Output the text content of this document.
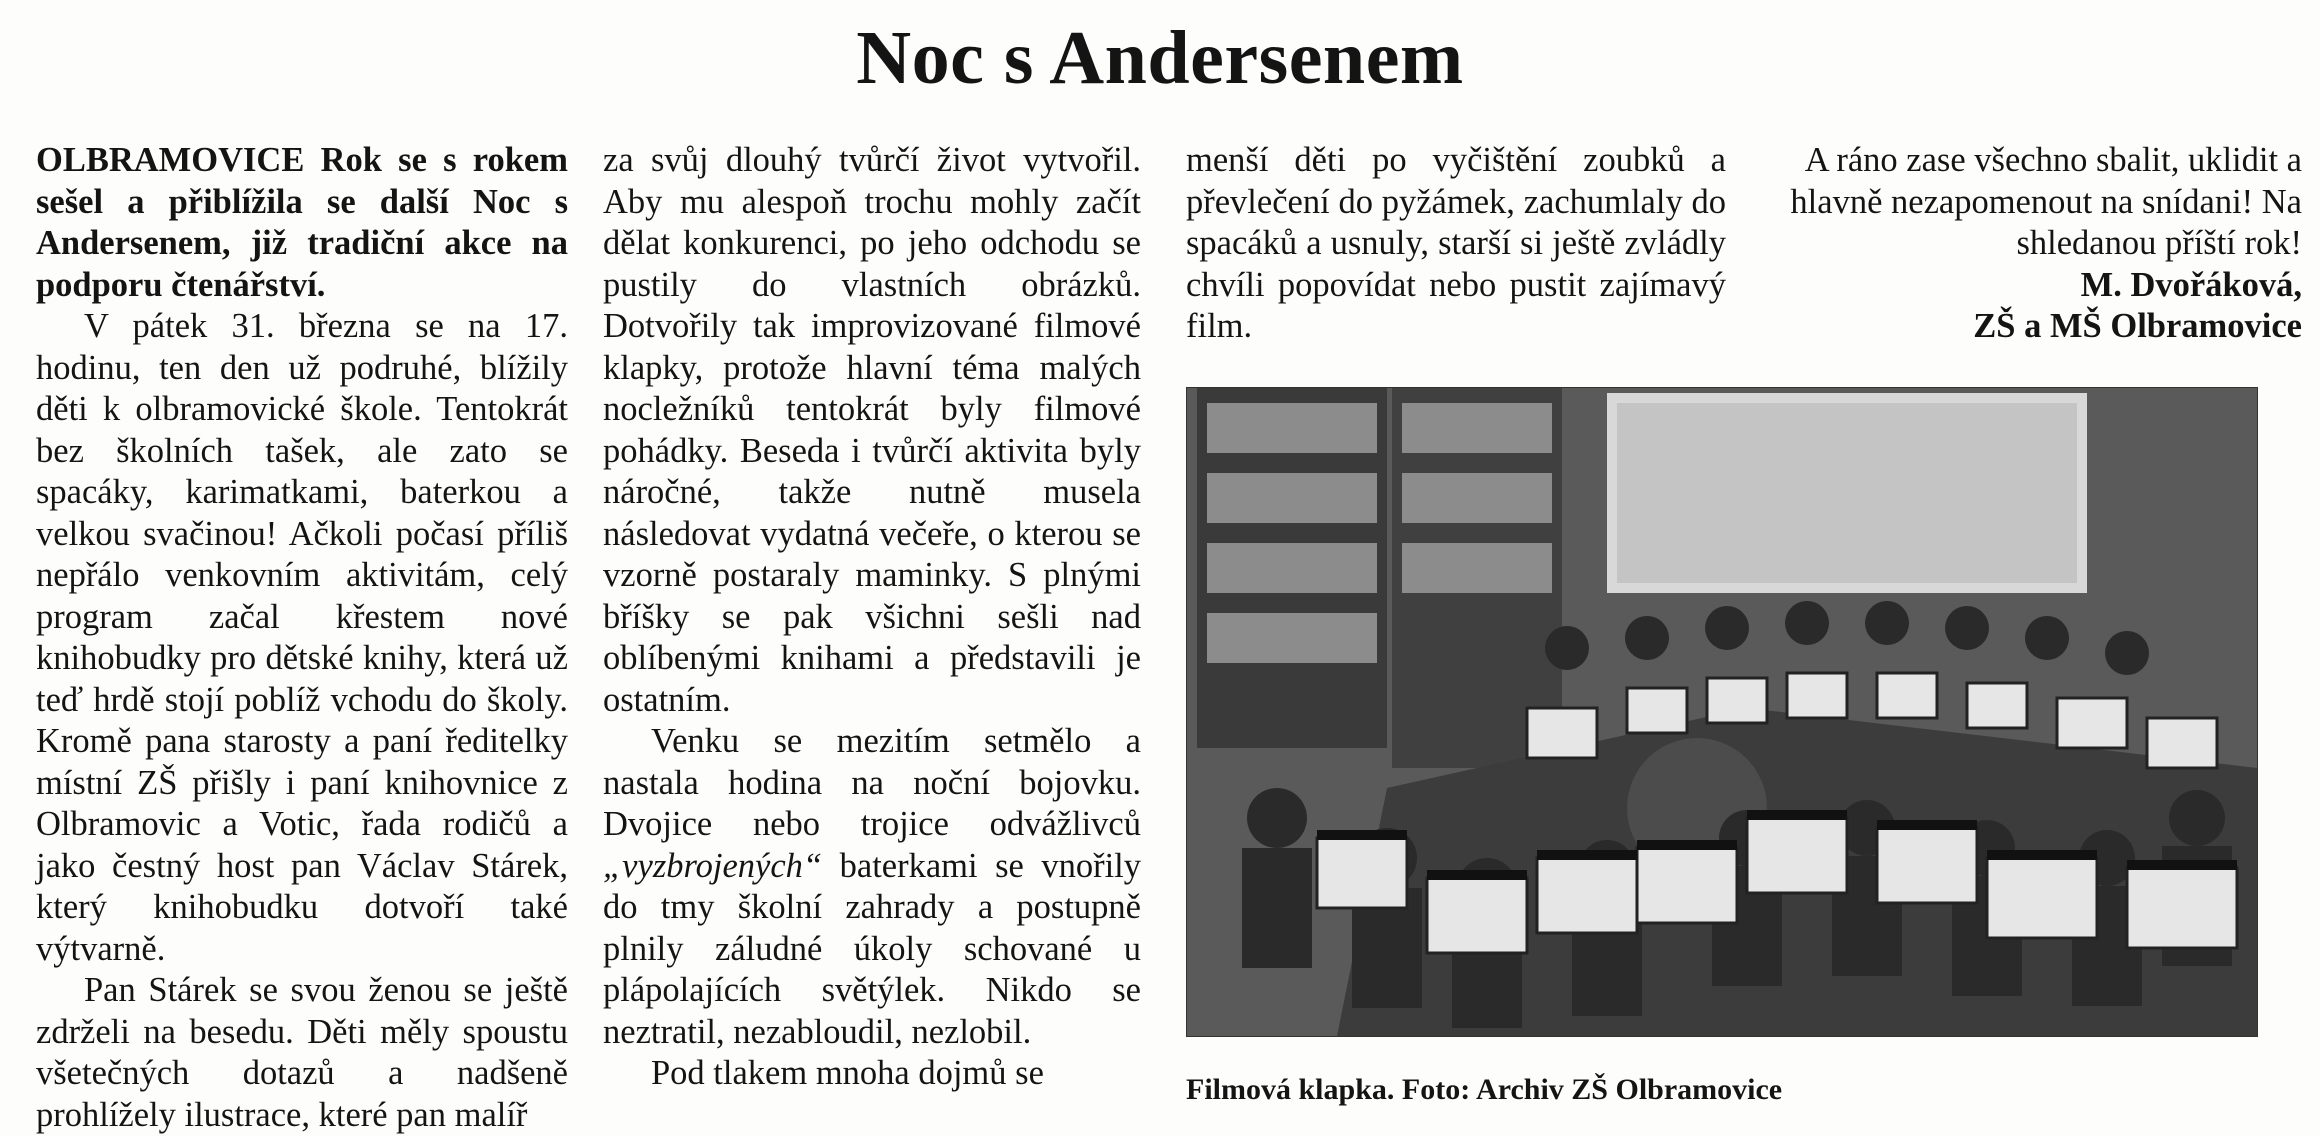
Noc s Andersenem

OLBRAMOVICE Rok se s rokem sešel a přiblížila se další Noc s Andersenem, již tradiční akce na podporu čtenářství.

V pátek 31. března se na 17. hodinu, ten den už podruhé, blížily děti k olbramovické škole. Tentokrát bez školních tašek, ale zato se spacáky, karimatkami, baterkou a velkou svačinou! Ačkoli počasí příliš nepřálo venkovním aktivitám, celý program začal křestem nové knihobudky pro dětské knihy, která už teď hrdě stojí poblíž vchodu do školy. Kromě pana starosty a paní ředitelky místní ZŠ přišly i paní knihovnice z Olbramovic a Votic, řada rodičů a jako čestný host pan Václav Stárek, který knihobudku dotvoří také výtvarně.

Pan Stárek se svou ženou se ještě zdrželi na besedu. Děti měly spoustu všetečných dotazů a nadšeně prohlížely ilustrace, které pan malíř

za svůj dlouhý tvůrčí život vytvořil. Aby mu alespoň trochu mohly začít dělat konkurenci, po jeho odchodu se pustily do vlastních obrázků. Dotvořily tak improvizované filmové klapky, protože hlavní téma malých nocležníků tentokrát byly filmové pohádky. Beseda i tvůrčí aktivita byly náročné, takže nutně musela následovat vydatná večeře, o kterou se vzorně postaraly maminky. S plnými bříšky se pak všichni sešli nad oblíbenými knihami a představili je ostatním.

Venku se mezitím setmělo a nastala hodina na noční bojovku. Dvojice nebo trojice odvážlivců „vyzbrojených“ baterkami se vnořily do tmy školní zahrady a postupně plnily záludné úkoly schované u plápolajících světýlek. Nikdo se neztratil, nezabloudil, nezlobil.

Pod tlakem mnoha dojmů se

menší děti po vyčištění zoubků a převlečení do pyžámek, zachumlaly do spacáků a usnuly, starší si ještě zvládly chvíli popovídat nebo pustit zajímavý film.

A ráno zase všechno sbalit, uklidit a hlavně nezapomenout na snídani! Na shledanou příští rok!

M. Dvořáková,

ZŠ a MŠ Olbramovice

Filmová klapka. Foto: Archiv ZŠ Olbramovice
